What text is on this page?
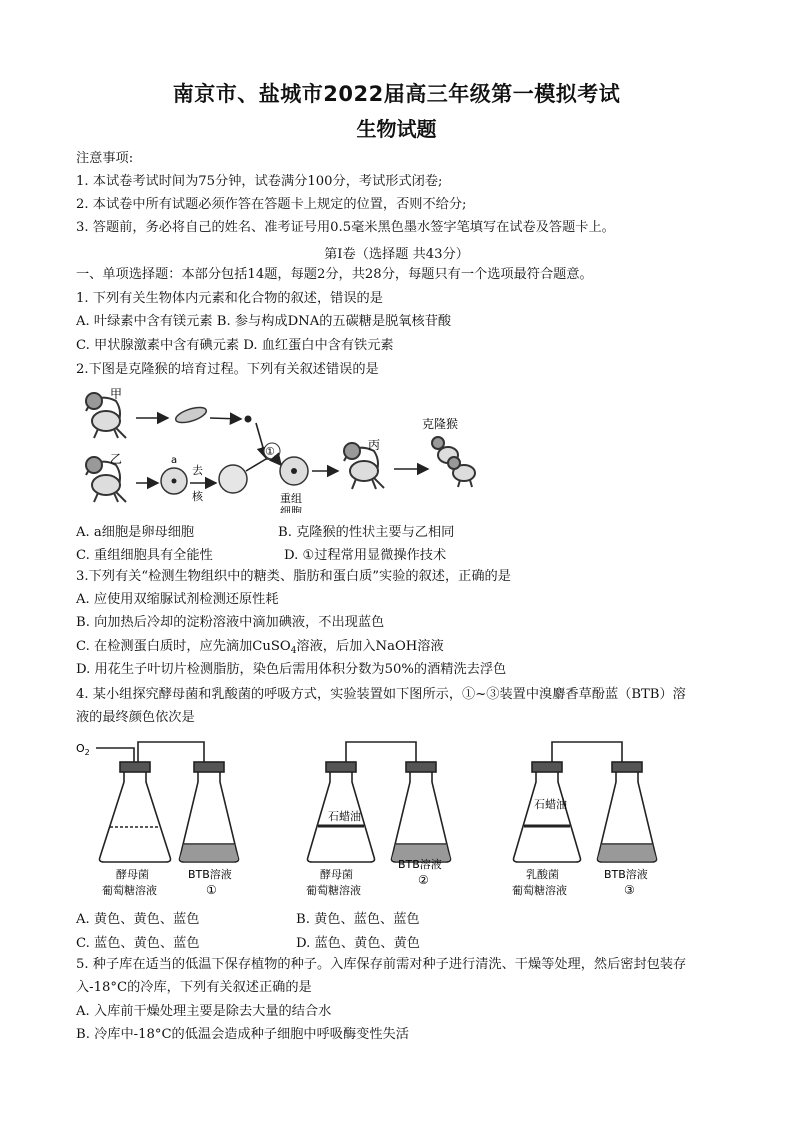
南京市、盐城市2022届高三年级第一模拟考试
生物试题
注意事项:
1. 本试卷考试时间为75分钟，试卷满分100分，考试形式闭卷;
2. 本试卷中所有试题必须作答在答题卡上规定的位置，否则不给分;
3. 答题前，务必将自己的姓名、准考证号用0.5毫米黑色墨水签字笔填写在试卷及答题卡上。
第I卷（选择题 共43分）
一、单项选择题：本部分包括14题，每题2分，共28分，每题只有一个选项最符合题意。
1. 下列有关生物体内元素和化合物的叙述，错误的是
A. 叶绿素中含有镁元素 B. 参与构成DNA的五碳糖是脱氧核苷酸
C. 甲状腺激素中含有碘元素 D. 血红蛋白中含有铁元素
2.下图是克隆猴的培育过程。下列有关叙述错误的是
甲
乙	a
去
核
①
重组
细胞
丙
克隆猴
A. a细胞是卵母细胞	B. 克隆猴的性状主要与乙相同
C. 重组细胞具有全能性	D. ①过程常用显微操作技术
3.下列有关“检测生物组织中的糖类、脂肪和蛋白质”实验的叙述，正确的是
A. 应使用双缩脲试剂检测还原性耗
B. 向加热后冷却的淀粉溶液中滴加碘液，不出现蓝色
C. 在检测蛋白质时，应先滴加CuSO$_4$溶液，后加入NaOH溶液
D. 用花生子叶切片检测脂肪，染色后需用体积分数为50%的酒精洗去浮色
4. 某小组探究酵母菌和乳酸菌的呼吸方式，实验装置如下图所示，①~③装置中溴麝香草酚蓝（BTB）溶
液的最终颜色依次是
$O_2$
酵母菌
葡萄糖溶液
BTB溶液
①
石蜡油
酵母菌
葡萄糖溶液
BTB溶液
②
石蜡油
乳酸菌
葡萄糖溶液
BTB溶液
③
A. 黄色、黄色、蓝色	B. 黄色、蓝色、蓝色
C. 蓝色、黄色、蓝色	D. 蓝色、黄色、黄色
5. 种子库在适当的低温下保存植物的种子。入库保存前需对种子进行清洗、干燥等处理，然后密封包装存
入-18°C的冷库，下列有关叙述正确的是
A. 入库前干燥处理主要是除去大量的结合水
B. 冷库中-18°C的低温会造成种子细胞中呼吸酶变性失活
